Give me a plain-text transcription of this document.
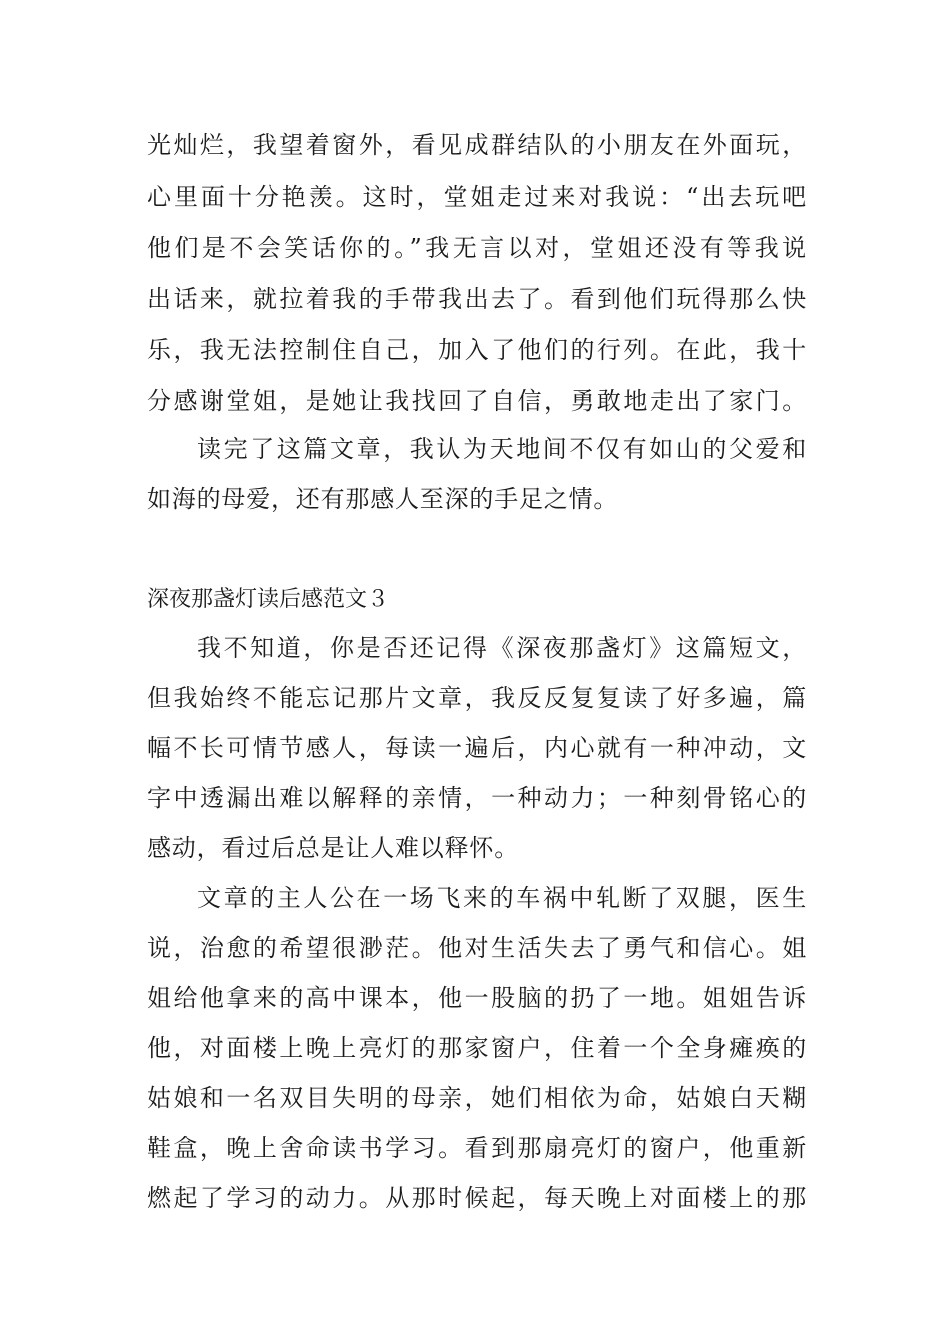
光灿烂，我望着窗外，看见成群结队的小朋友在外面玩，
心里面十分艳羡。这时，堂姐走过来对我说：“出去玩吧
他们是不会笑话你的。”我无言以对，堂姐还没有等我说
出话来，就拉着我的手带我出去了。看到他们玩得那么快
乐，我无法控制住自己，加入了他们的行列。在此，我十
分感谢堂姐，是她让我找回了自信，勇敢地走出了家门。
读完了这篇文章，我认为天地间不仅有如山的父爱和
如海的母爱，还有那感人至深的手足之情。
深夜那盏灯读后感范文３
我不知道，你是否还记得《深夜那盏灯》这篇短文，
但我始终不能忘记那片文章，我反反复复读了好多遍，篇
幅不长可情节感人，每读一遍后，内心就有一种冲动，文
字中透漏出难以解释的亲情，一种动力；一种刻骨铭心的
感动，看过后总是让人难以释怀。
文章的主人公在一场飞来的车祸中轧断了双腿，医生
说，治愈的希望很渺茫。他对生活失去了勇气和信心。姐
姐给他拿来的高中课本，他一股脑的扔了一地。姐姐告诉
他，对面楼上晚上亮灯的那家窗户，住着一个全身瘫痪的
姑娘和一名双目失明的母亲，她们相依为命，姑娘白天糊
鞋盒，晚上舍命读书学习。看到那扇亮灯的窗户，他重新
燃起了学习的动力。从那时候起，每天晚上对面楼上的那
